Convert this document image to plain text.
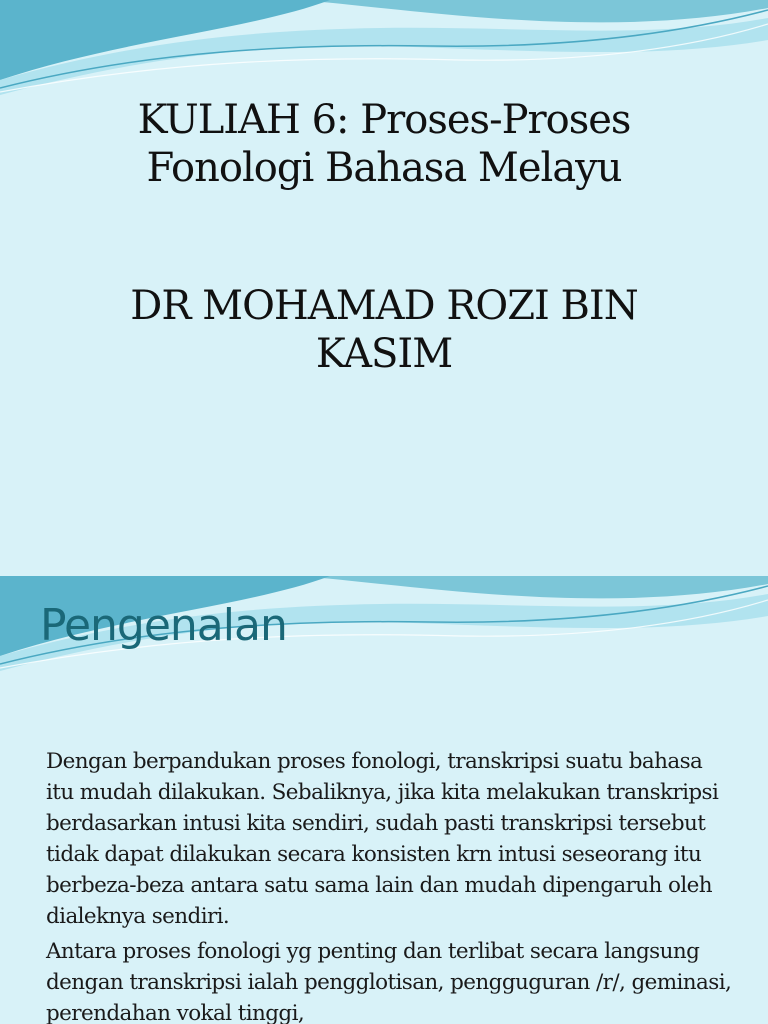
KULIAH 6: Proses-Proses
Fonologi Bahasa Melayu
DR MOHAMAD ROZI BIN
KASIM
Pengenalan

Dengan berpandukan proses fonologi, transkripsi suatu bahasa itu mudah dilakukan. Sebaliknya, jika kita melakukan transkripsi berdasarkan intusi kita sendiri, sudah pasti transkripsi tersebut tidak dapat dilakukan secara konsisten krn intusi seseorang itu berbeza-beza antara satu sama lain dan mudah dipengaruh oleh dialeknya sendiri.

Antara proses fonologi yg penting dan terlibat secara langsung dengan transkripsi ialah pengglotisan, pengguguran /r/, geminasi, perendahan vokal tinggi,
